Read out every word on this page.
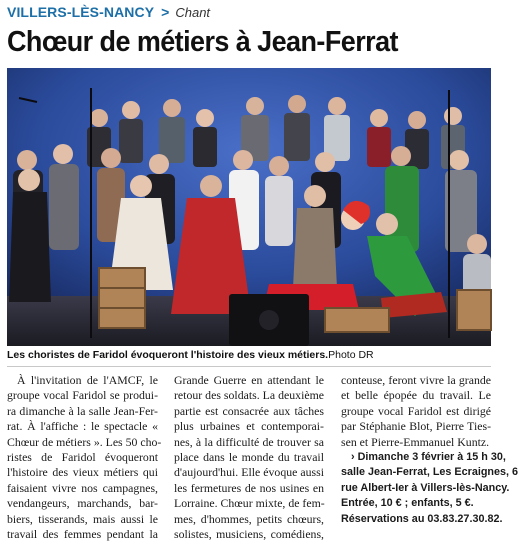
VILLERS-LÈS-NANCY > Chant
Chœur de métiers à Jean-Ferrat
Les choristes de Faridol évoqueront l'histoire des vieux métiers.Photo DR
À l'invitation de l'AMCF, le
groupe vocal Faridol se produi-
ra dimanche à la salle Jean-Fer-
rat. À l'affiche : le spectacle «
Chœur de métiers ». Les 50 cho-
ristes de Faridol évoqueront
l'histoire des vieux métiers qui
faisaient vivre nos campagnes,
vendangeurs, marchands, bar-
biers, tisserands, mais aussi le
travail des femmes pendant la
Grande Guerre en attendant le
retour des soldats. La deuxième
partie est consacrée aux tâches
plus urbaines et contemporai-
nes, à la difficulté de trouver sa
place dans le monde du travail
d'aujourd'hui. Elle évoque aussi
les fermetures de nos usines en
Lorraine. Chœur mixte, de fem-
mes, d'hommes, petits chœurs,
solistes, musiciens, comédiens,
conteuse, feront vivre la grande
et belle épopée du travail. Le
groupe vocal Faridol est dirigé
par Stéphanie Blot, Pierre Ties-
sen et Pierre-Emmanuel Kuntz.
› Dimanche 3 février à 15 h 30,
salle Jean-Ferrat, Les Ecraignes, 6
rue Albert-Ier à Villers-lès-Nancy.
Entrée, 10 € ; enfants, 5 €.
Réservations au 03.83.27.30.82.
